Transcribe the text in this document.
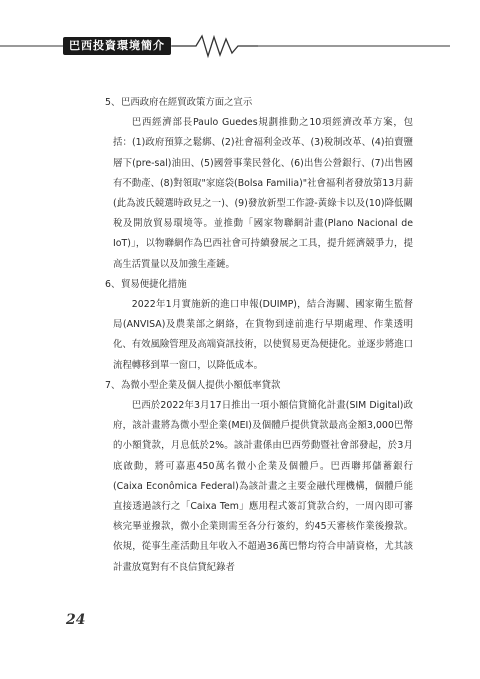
巴西投資環境簡介
5、巴西政府在經貿政策方面之宣示
巴西經濟部長Paulo Guedes規劃推動之10項經濟改革方案，包括：(1)政府預算之鬆綁、(2)社會福利金改革、(3)稅制改革、(4)拍賣鹽層下(pre-sal)油田、(5)國營事業民營化、(6)出售公營銀行、(7)出售國有不動產、(8)對領取"家庭袋(Bolsa Familia)"社會福利者發放第13月薪(此為波氏競選時政見之一)、(9)發放新型工作證-黃綠卡以及(10)降低關稅及開放貿易環境等。並推動「國家物聯網計畫(Plano Nacional de IoT)」，以物聯網作為巴西社會可持續發展之工具，提升經濟競爭力，提高生活質量以及加強生產鏈。
6、貿易便捷化措施
2022年1月實施新的進口申報(DUIMP)，結合海關、國家衛生監督局(ANVISA)及農業部之網絡，在貨物到達前進行早期處理、作業透明化、有效風險管理及高端資訊技術，以使貿易更為便捷化。並逐步將進口流程轉移到單一窗口，以降低成本。
7、為微小型企業及個人提供小額低率貸款
巴西於2022年3月17日推出一項小額信貸簡化計畫(SIM Digital)政府，該計畫將為微小型企業(MEI)及個體戶提供貸款最高金額3,000巴幣的小額貸款，月息低於2%。該計畫係由巴西勞動暨社會部發起，於3月底啟動，將可嘉惠450萬名微小企業及個體戶。巴西聯邦儲蓄銀行(Caixa Econômica Federal)為該計畫之主要金融代理機構，個體戶能直接透過該行之「Caixa Tem」應用程式簽訂貸款合約，一周內即可審核完畢並撥款，微小企業則需至各分行簽約，約45天審核作業後撥款。依規，從事生產活動且年收入不超過36萬巴幣均符合申請資格，尤其該計畫放寬對有不良信貸紀錄者
24
